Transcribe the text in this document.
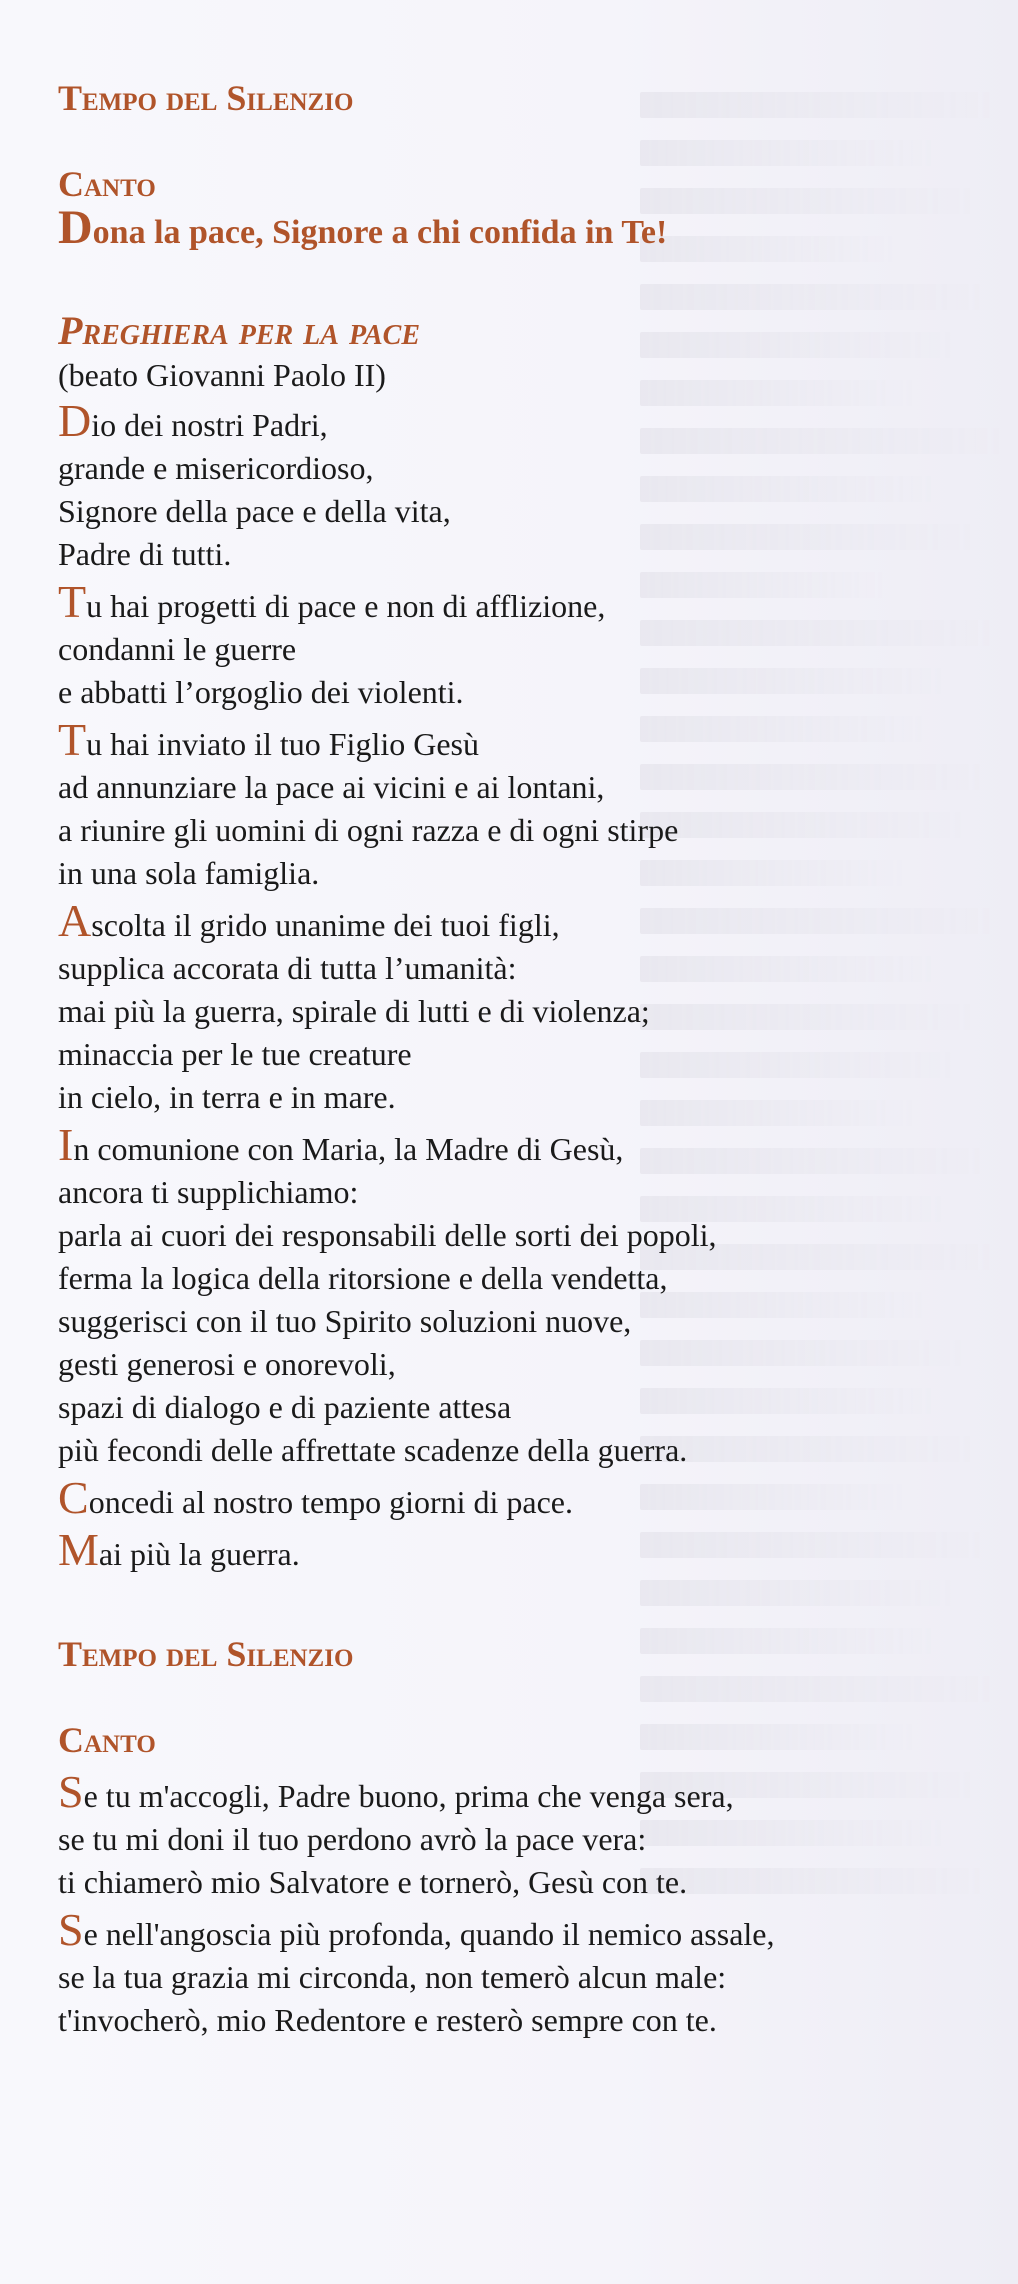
Tempo del Silenzio
Canto

Dona la pace, Signore a chi confida in Te!

Preghiera per la pace

(beato Giovanni Paolo II)

Dio dei nostri Padri,
grande e misericordioso,
Signore della pace e della vita,
Padre di tutti.

Tu hai progetti di pace e non di afflizione,
condanni le guerre
e abbatti l’orgoglio dei violenti.

Tu hai inviato il tuo Figlio Gesù
ad annunziare la pace ai vicini e ai lontani,
a riunire gli uomini di ogni razza e di ogni stirpe
in una sola famiglia.

Ascolta il grido unanime dei tuoi figli,
supplica accorata di tutta l’umanità:
mai più la guerra, spirale di lutti e di violenza;
minaccia per le tue creature
in cielo, in terra e in mare.

In comunione con Maria, la Madre di Gesù,
ancora ti supplichiamo:
parla ai cuori dei responsabili delle sorti dei popoli,
ferma la logica della ritorsione e della vendetta,
suggerisci con il tuo Spirito soluzioni nuove,
gesti generosi e onorevoli,
spazi di dialogo e di paziente attesa
più fecondi delle affrettate scadenze della guerra.

Concedi al nostro tempo giorni di pace.

Mai più la guerra.

Tempo del Silenzio
Canto

Se tu m'accogli, Padre buono, prima che venga sera,
se tu mi doni il tuo perdono avrò la pace vera:
ti chiamerò mio Salvatore e tornerò, Gesù con te.

Se nell'angoscia più profonda, quando il nemico assale,
se la tua grazia mi circonda, non temerò alcun male:
t'invocherò, mio Redentore e resterò sempre con te.
